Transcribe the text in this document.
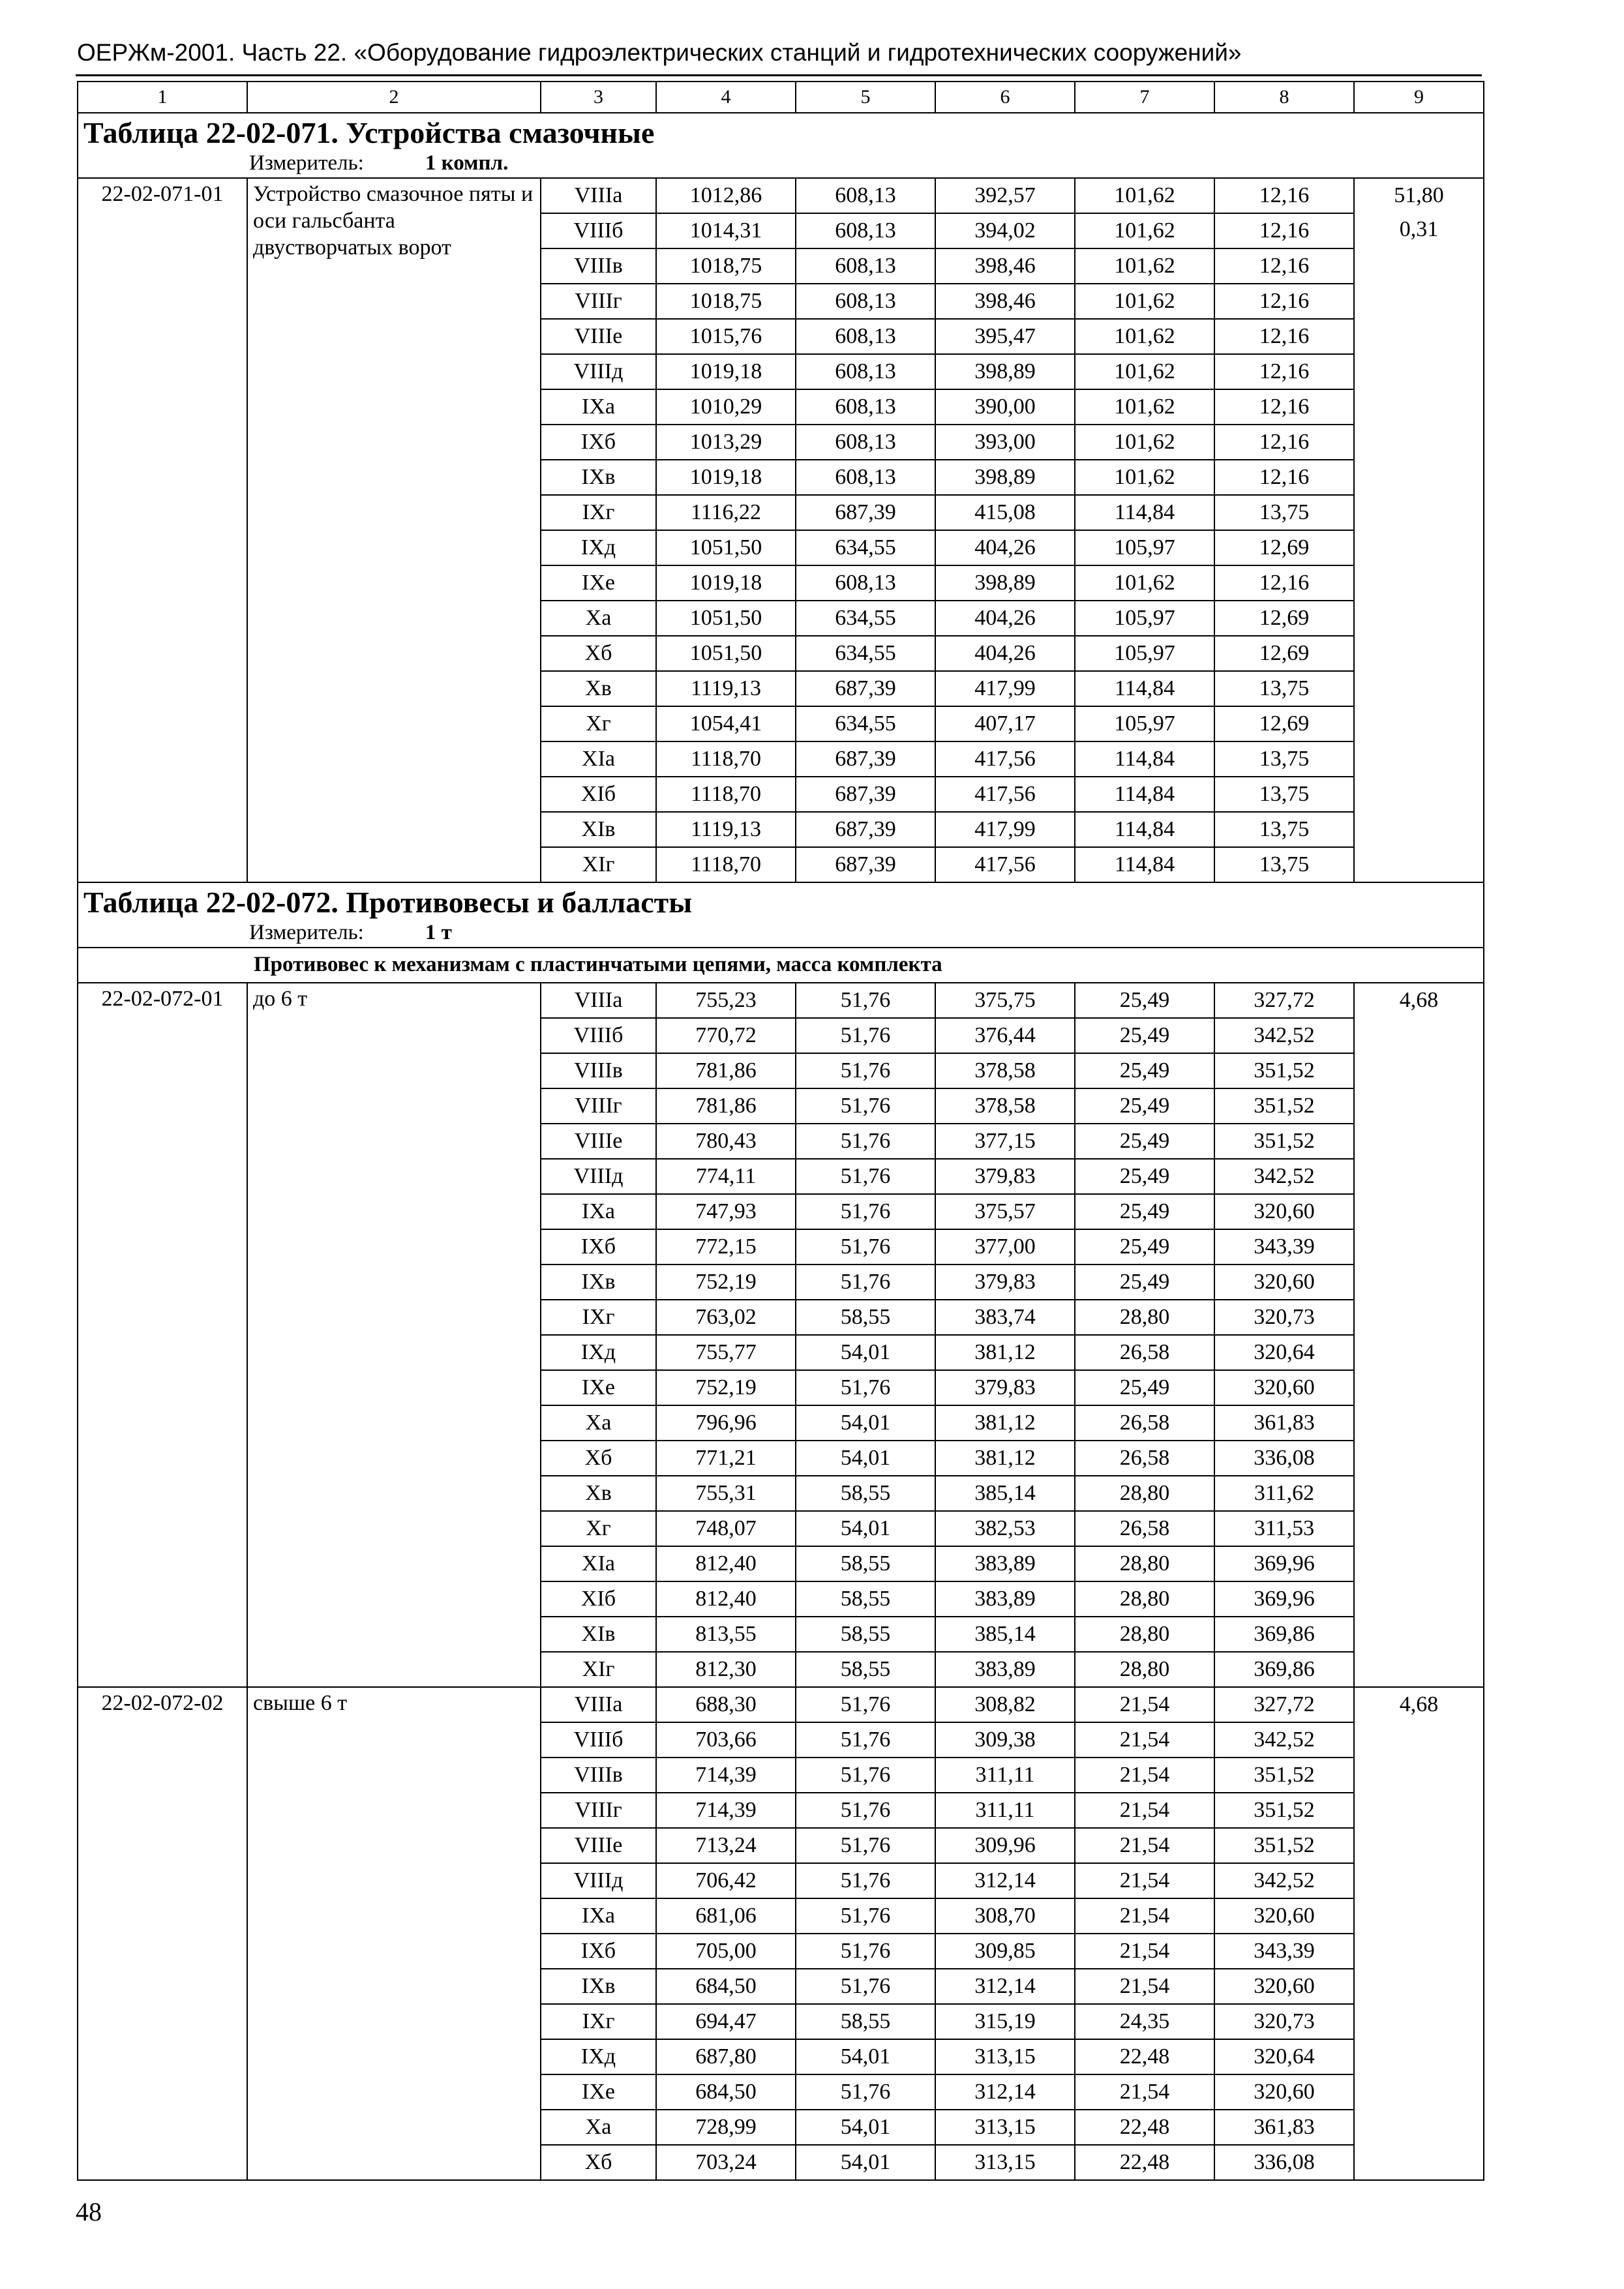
ОЕРЖм-2001. Часть 22. «Оборудование гидроэлектрических станций и гидротехнических сооружений»
1	2	3	4	5	6	7	8	9

Таблица 22-02-071. Устройства смазочные
Измеритель: 1 компл.								

22-02-071-01	Устройство смазочное пяты и оси гальсбанта двустворчатых ворот	VIIIа	1012,86	608,13	392,57	101,62	12,16	51,80
0,31

		VIIIб	1014,31	608,13	394,02	101,62	12,16	
		VIIIв	1018,75	608,13	398,46	101,62	12,16	
		VIIIг	1018,75	608,13	398,46	101,62	12,16	
		VIIIе	1015,76	608,13	395,47	101,62	12,16	
		VIIIд	1019,18	608,13	398,89	101,62	12,16	
		IXа	1010,29	608,13	390,00	101,62	12,16	
		IXб	1013,29	608,13	393,00	101,62	12,16	
		IXв	1019,18	608,13	398,89	101,62	12,16	
		IXг	1116,22	687,39	415,08	114,84	13,75	
		IXд	1051,50	634,55	404,26	105,97	12,69	
		IXе	1019,18	608,13	398,89	101,62	12,16	
		Xа	1051,50	634,55	404,26	105,97	12,69	
		Xб	1051,50	634,55	404,26	105,97	12,69	
		Xв	1119,13	687,39	417,99	114,84	13,75	
		Xг	1054,41	634,55	407,17	105,97	12,69	
		XIа	1118,70	687,39	417,56	114,84	13,75	
		XIб	1118,70	687,39	417,56	114,84	13,75	
		XIв	1119,13	687,39	417,99	114,84	13,75	
		XIг	1118,70	687,39	417,56	114,84	13,75	

Таблица 22-02-072. Противовесы и балласты
Измеритель: 1 т								

	Противовес к механизмам с пластинчатыми цепями, масса комплекта							
22-02-072-01	до 6 т	VIIIа	755,23	51,76	375,75	25,49	327,72	4,68

		VIIIб	770,72	51,76	376,44	25,49	342,52	
		VIIIв	781,86	51,76	378,58	25,49	351,52	
		VIIIг	781,86	51,76	378,58	25,49	351,52	
		VIIIе	780,43	51,76	377,15	25,49	351,52	
		VIIIд	774,11	51,76	379,83	25,49	342,52	
		IXа	747,93	51,76	375,57	25,49	320,60	
		IXб	772,15	51,76	377,00	25,49	343,39	
		IXв	752,19	51,76	379,83	25,49	320,60	
		IXг	763,02	58,55	383,74	28,80	320,73	
		IXд	755,77	54,01	381,12	26,58	320,64	
		IXе	752,19	51,76	379,83	25,49	320,60	
		Xа	796,96	54,01	381,12	26,58	361,83	
		Xб	771,21	54,01	381,12	26,58	336,08	
		Xв	755,31	58,55	385,14	28,80	311,62	
		Xг	748,07	54,01	382,53	26,58	311,53	
		XIа	812,40	58,55	383,89	28,80	369,96	
		XIб	812,40	58,55	383,89	28,80	369,96	
		XIв	813,55	58,55	385,14	28,80	369,86	
		XIг	812,30	58,55	383,89	28,80	369,86	
22-02-072-02	свыше 6 т	VIIIа	688,30	51,76	308,82	21,54	327,72	4,68

		VIIIб	703,66	51,76	309,38	21,54	342,52	
		VIIIв	714,39	51,76	311,11	21,54	351,52	
		VIIIг	714,39	51,76	311,11	21,54	351,52	
		VIIIе	713,24	51,76	309,96	21,54	351,52	
		VIIIд	706,42	51,76	312,14	21,54	342,52	
		IXа	681,06	51,76	308,70	21,54	320,60	
		IXб	705,00	51,76	309,85	21,54	343,39	
		IXв	684,50	51,76	312,14	21,54	320,60	
		IXг	694,47	58,55	315,19	24,35	320,73	
		IXд	687,80	54,01	313,15	22,48	320,64	
		IXе	684,50	51,76	312,14	21,54	320,60	
		Xа	728,99	54,01	313,15	22,48	361,83	
		Xб	703,24	54,01	313,15	22,48	336,08	
48
